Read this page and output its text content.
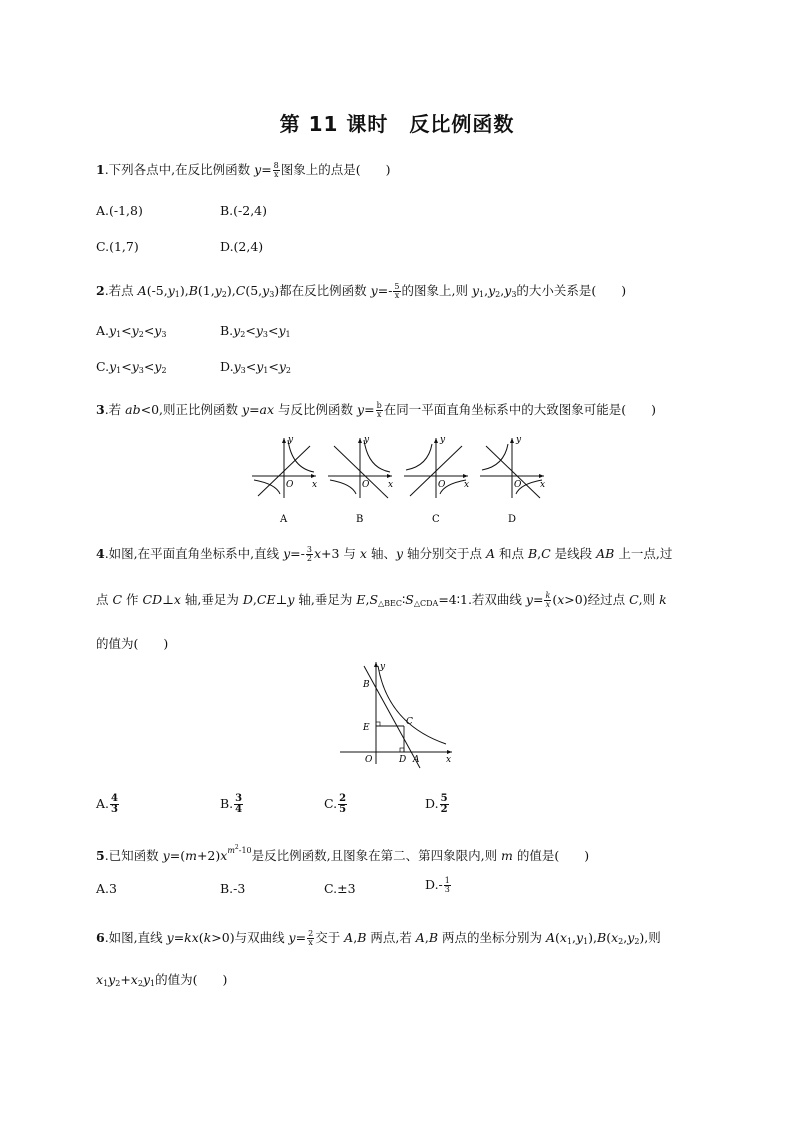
第 11 课时　反比例函数
1.下列各点中,在反比例函数 $y= \frac{8}{x}$ 图象上的点是(　　)
A.(-1,8)	B.(-2,4)
C.(1,7)	D.(2,4)
2.若点 $A(-5,y_1),B(1,y_2),C(5,y_3)$都在反比例函数 $y=- \frac{5}{x}$ 的图象上,则 $y_1,y_2,y_3$的大小关系是(　　)
$A.y_1<y_2<y_3$	$B.y_2<y_3<y_1$
$C.y_1<y_3<y_2$	$D.y_3<y_1<y_2$
3.若 ab<0,则正比例函数 y=ax 与反比例函数 $y= \frac{b}{x}$ 在同一平面直角坐标系中的大致图象可能是(　　)
y
O x
A
y
O x
B
y
O x
C
y
O x
D
4.如图,在平面直角坐标系中,直线 $y=- \frac{3}{2} x+3$ 与 x 轴、y 轴分别交于点 A 和点 B,C 是线段 AB 上一点,过
点 C 作 CD⊥x 轴,垂足为 D,CE⊥y 轴,垂足为 $E,S_{\triangle BEC}∶S_{\triangle CDA}=4∶1$.若双曲线 $y= \frac{k}{x} (x>0)$经过点 C,则 k
的值为(　　)
y
B
E
C
O	D A	x
A. $\frac{4}{3}$	B. $\frac{3}{4}$	C. $\frac{2}{5}$	D. $\frac{5}{2}$
5.已知函数 $y=(m+2)x^{m^2-10}$是反比例函数,且图象在第二、第四象限内,则 m 的值是(　　)
A.3	B.-3	C.±3	$D.- \frac{1}{3}$
6.如图,直线 y=kx(k>0)与双曲线 $y= \frac{2}{x}$ 交于 A,B 两点,若 A,B 两点的坐标分别为 $A(x_1,y_1),B(x_2,y_2)$,则
$x_1y_2+x_2y_1$的值为(　　)
